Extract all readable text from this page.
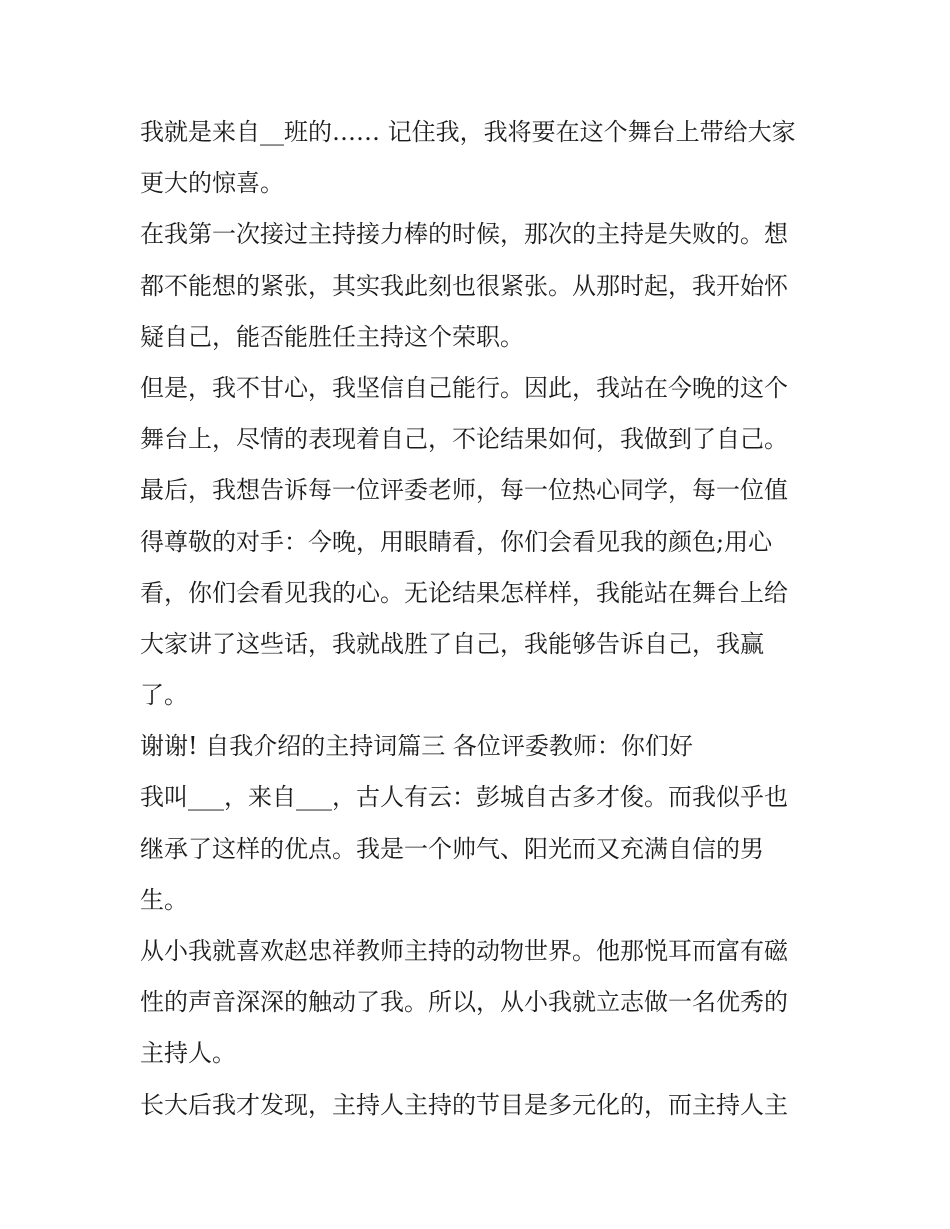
我就是来自__班的…… 记住我，我将要在这个舞台上带给大家
更大的惊喜。
在我第一次接过主持接力棒的时候，那次的主持是失败的。想
都不能想的紧张，其实我此刻也很紧张。从那时起，我开始怀
疑自己，能否能胜任主持这个荣职。
但是，我不甘心，我坚信自己能行。因此，我站在今晚的这个
舞台上，尽情的表现着自己，不论结果如何，我做到了自己。
最后，我想告诉每一位评委老师，每一位热心同学，每一位值
得尊敬的对手：今晚，用眼睛看，你们会看见我的颜色;用心
看，你们会看见我的心。无论结果怎样样，我能站在舞台上给
大家讲了这些话，我就战胜了自己，我能够告诉自己，我赢
了。
谢谢! 自我介绍的主持词篇三 各位评委教师：你们好
我叫___，来自___，古人有云：彭城自古多才俊。而我似乎也
继承了这样的优点。我是一个帅气、阳光而又充满自信的男
生。
从小我就喜欢赵忠祥教师主持的动物世界。他那悦耳而富有磁
性的声音深深的触动了我。所以，从小我就立志做一名优秀的
主持人。
长大后我才发现，主持人主持的节目是多元化的，而主持人主
